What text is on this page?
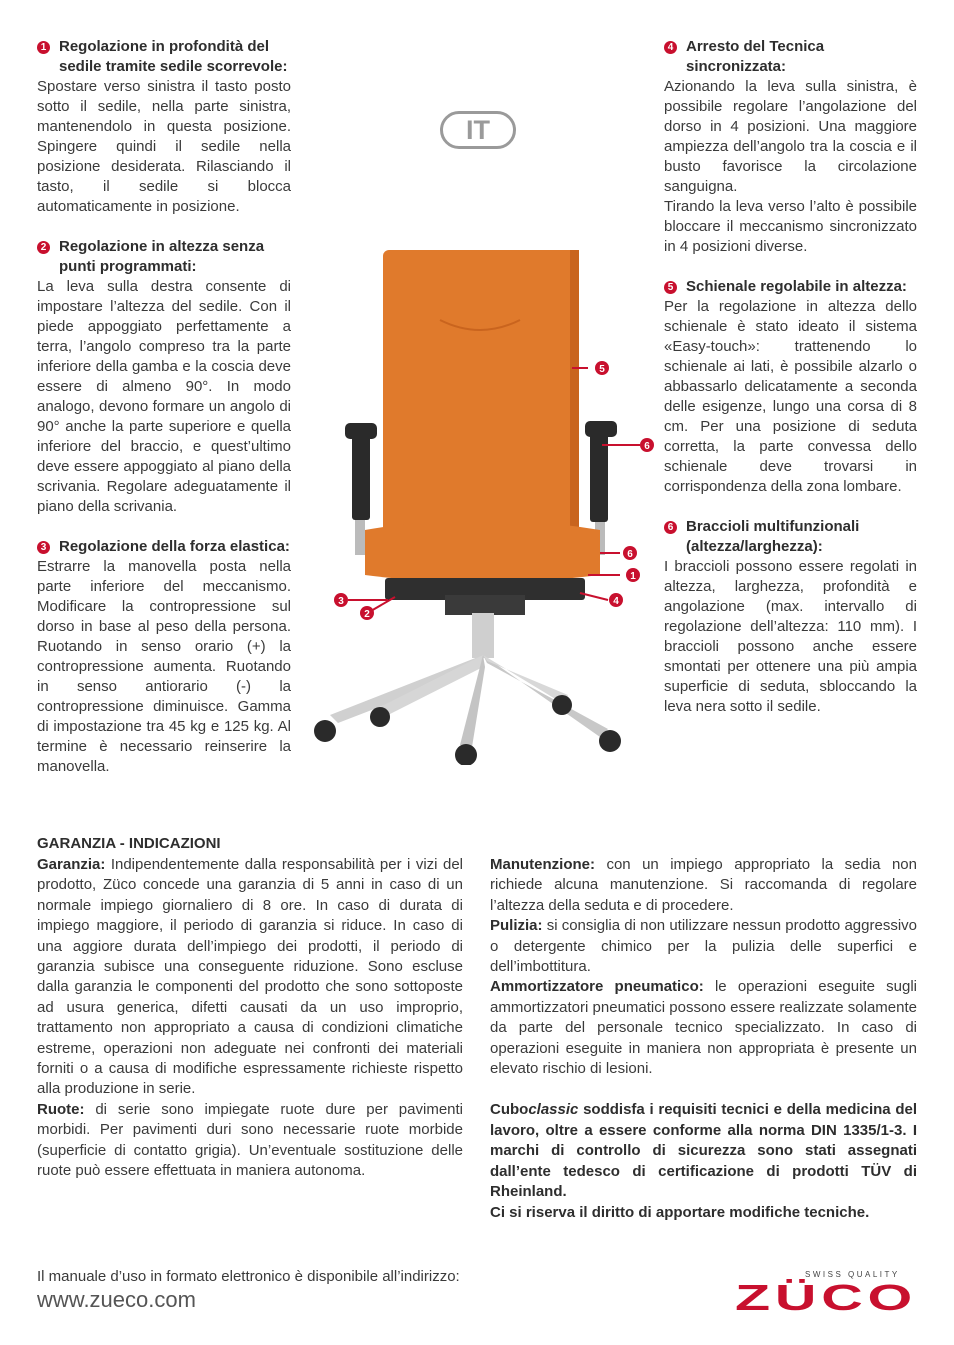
1 Regolazione in profondità del sedile tramite sedile scorrevole:
Spostare verso sinistra il tasto posto sotto il sedile, nella parte sinistra, mantenendolo in questa posizione. Spingere quindi il sedile nella posizione desiderata. Rilasciando il tasto, il sedile si blocca automaticamente in posizione.
2 Regolazione in altezza senza punti programmati:
La leva sulla destra consente di impostare l’altezza del sedile. Con il piede appoggiato perfettamente a terra, l’angolo compreso tra la parte inferiore della gamba e la coscia deve essere di almeno 90°. In modo analogo, devono formare un angolo di 90° anche la parte superiore e quella inferiore del braccio, e quest’ultimo deve essere appoggiato al piano della scrivania. Regolare adeguatamente il piano della scrivania.
3 Regolazione della forza elastica:
Estrarre la manovella posta nella parte inferiore del meccanismo. Modificare la contropressione sul dorso in base al peso della persona. Ruotando in senso orario (+) la contropressione aumenta. Ruotando in senso antiorario (-) la contropressione diminuisce. Gamma di impostazione tra 45 kg e 125 kg. Al termine è necessario reinserire la manovella.
IT
5
6
6
1
4
3
2
4 Arresto del Tecnica sincronizzata:

Azionando la leva sulla sinistra, è possibile regolare l’angolazione del dorso in 4 posizioni. Una maggiore ampiezza dell’angolo tra la coscia e il busto favorisce la circolazione sanguigna.

Tirando la leva verso l’alto è possibile bloccare il meccanismo sincronizzato in 4 posizioni diverse.

5 Schienale regolabile in altezza:

Per la regolazione in altezza dello schienale è stato ideato il sistema «Easy-touch»: trattenendo lo schienale ai lati, è possibile alzarlo o abbassarlo delicatamente a seconda delle esigenze, lungo una corsa di 8 cm. Per una posizione di seduta corretta, la parte convessa dello schienale deve trovarsi in corrispondenza della zona lombare.

6 Braccioli multifunzionali (altezza/larghezza):

I braccioli possono essere regolati in altezza, larghezza, profondità e angolazione (max. intervallo di regolazione dell’altezza: 110 mm). I braccioli possono anche essere smontati per ottenere una più ampia superficie di seduta, sbloccando la leva nera sotto il sedile.

GARANZIA - INDICAZIONI
Garanzia: Indipendentemente dalla responsabilità per i vizi del prodotto, Züco concede una garanzia di 5 anni in caso di un normale impiego giornaliero di 8 ore. In caso di durata di impiego maggiore, il periodo di garanzia si riduce. In caso di una aggiore durata dell’impiego dei prodotti, il periodo di garanzia subisce una conseguente riduzione. Sono escluse dalla garanzia le componenti del prodotto che sono sottoposte ad usura generica, difetti causati da un uso improprio, trattamento non appropriato a causa di condizioni climatiche estreme, operazioni non adeguate nei confronti dei materiali forniti o a causa di modifiche espressamente richieste rispetto alla produzione in serie.
Ruote: di serie sono impiegate ruote dure per pavimenti morbidi. Per pavimenti duri sono necessarie ruote morbide (superficie di contatto grigia). Un’eventuale sostituzione delle ruote può essere effettuata in maniera autonoma.
Manutenzione: con un impiego appropriato la sedia non richiede alcuna manutenzione. Si raccomanda di regolare l’altezza della seduta e di procedere.
Pulizia: si consiglia di non utilizzare nessun prodotto aggressivo o detergente chimico per la pulizia delle superfici e dell’imbottitura.
Ammortizzatore pneumatico: le operazioni eseguite sugli ammortizzatori pneumatici possono essere realizzate solamente da parte del personale tecnico specializzato. In caso di operazioni eseguite in maniera non appropriata è presente un elevato rischio di lesioni.
Cuboclassic soddisfa i requisiti tecnici e della medicina del lavoro, oltre a essere conforme alla norma DIN 1335/1-3. I marchi di controllo di sicurezza sono stati assegnati dall’ente tedesco di certificazione di prodotti TÜV di Rheinland.
Ci si riserva il diritto di apportare modifiche tecniche.
Il manuale d’uso in formato elettronico è disponibile all’indirizzo:
www.zueco.com
SWISS QUALITY
ZÜCO
